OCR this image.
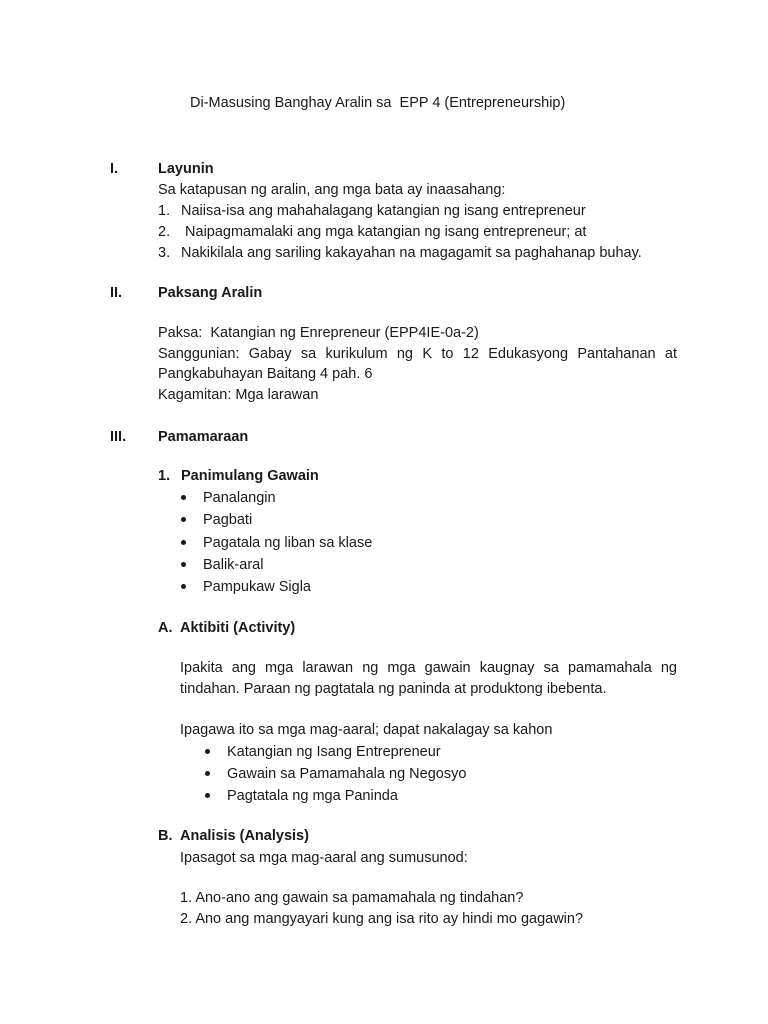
Di-Masusing Banghay Aralin sa  EPP 4 (Entrepreneurship)
I.	Layunin
Sa katapusan ng aralin, ang mga bata ay inaasahang:
1. Naiisa-isa ang mahahalagang katangian ng isang entrepreneur
2. Naipagmamalaki ang mga katangian ng isang entrepreneur; at
3. Nakikilala ang sariling kakayahan na magagamit sa paghahanap buhay.
II. Paksang Aralin
Paksa:  Katangian ng Enrepreneur (EPP4IE-0a-2)
Sanggunian: Gabay sa kurikulum ng K to 12 Edukasyong Pantahanan at
Pangkabuhayan Baitang 4 pah. 6
Kagamitan: Mga larawan
III. Pamamaraan
1. Panimulang Gawain
Panalangin
Pagbati
Pagatala ng liban sa klase
Balik-aral
Pampukaw Sigla
A. Aktibiti (Activity)
Ipakita ang mga larawan ng mga gawain kaugnay sa pamamahala ng
tindahan. Paraan ng pagtatala ng paninda at produktong ibebenta.
Ipagawa ito sa mga mag-aaral; dapat nakalagay sa kahon
Katangian ng Isang Entrepreneur
Gawain sa Pamamahala ng Negosyo
Pagtatala ng mga Paninda
B. Analisis (Analysis)
Ipasagot sa mga mag-aaral ang sumusunod:
1. Ano-ano ang gawain sa pamamahala ng tindahan?
2. Ano ang mangyayari kung ang isa rito ay hindi mo gagawin?
